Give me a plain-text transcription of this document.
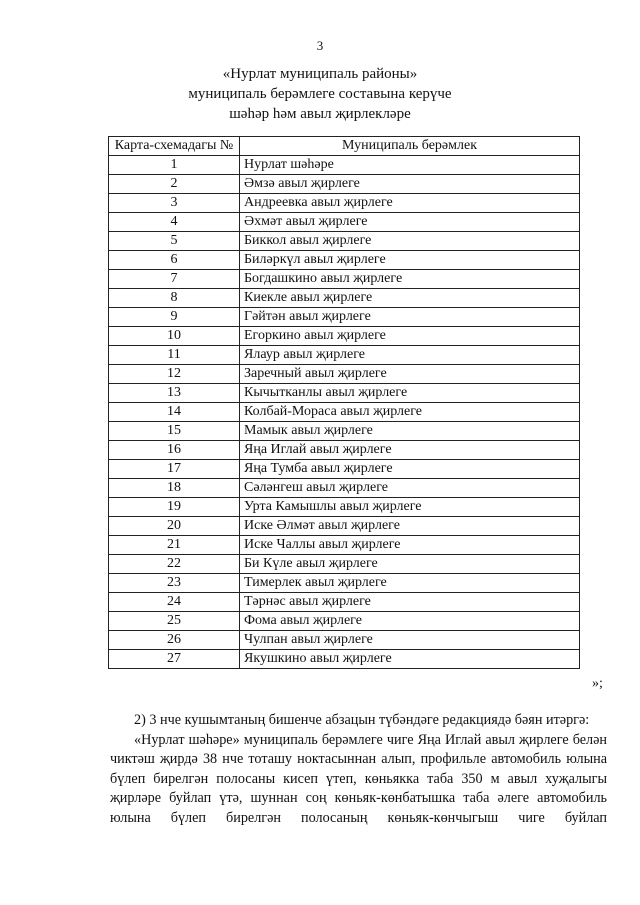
3
«Нурлат муниципаль районы»
муниципаль берәмлеге составына керүче
шәһәр һәм авыл җирлекләре
Карта-схемадагы №	Муниципаль берәмлек
1	Нурлат шәһәре
2	Әмзә авыл җирлеге
3	Андреевка авыл җирлеге
4	Әхмәт авыл җирлеге
5	Биккол авыл җирлеге
6	Биләркүл авыл җирлеге
7	Богдашкино авыл җирлеге
8	Киекле авыл җирлеге
9	Гәйтән авыл җирлеге
10	Егоркино авыл җирлеге
11	Ялаур авыл җирлеге
12	Заречный авыл җирлеге
13	Кычытканлы авыл җирлеге
14	Колбай-Мораса авыл җирлеге
15	Мамык авыл җирлеге
16	Яңа Иглай авыл җирлеге
17	Яңа Тумба авыл җирлеге
18	Сәләнгеш авыл җирлеге
19	Урта Камышлы авыл җирлеге
20	Иске Әлмәт авыл җирлеге
21	Иске Чаллы авыл җирлеге
22	Би Күле авыл җирлеге
23	Тимерлек авыл җирлеге
24	Тәрнәс авыл җирлеге
25	Фома авыл җирлеге
26	Чулпан авыл җирлеге
27	Якушкино авыл җирлеге
»;

2) 3 нче кушымтаның бишенче абзацын түбәндәге редакциядә бәян итәргә:

«Нурлат шәһәре» муниципаль берәмлеге чиге Яңа Иглай авыл җирлеге белән чиктәш җирдә 38 нче тоташу ноктасыннан алып, профильле автомобиль юлына бүлеп бирелгән полосаны кисеп үтеп, көньякка таба 350 м авыл хуҗалыгы җирләре буйлап үтә, шуннан соң көньяк-көнбатышка таба әлеге автомобиль юлына бүлеп бирелгән полосаның көньяк-көнчыгыш чиге буйлап
